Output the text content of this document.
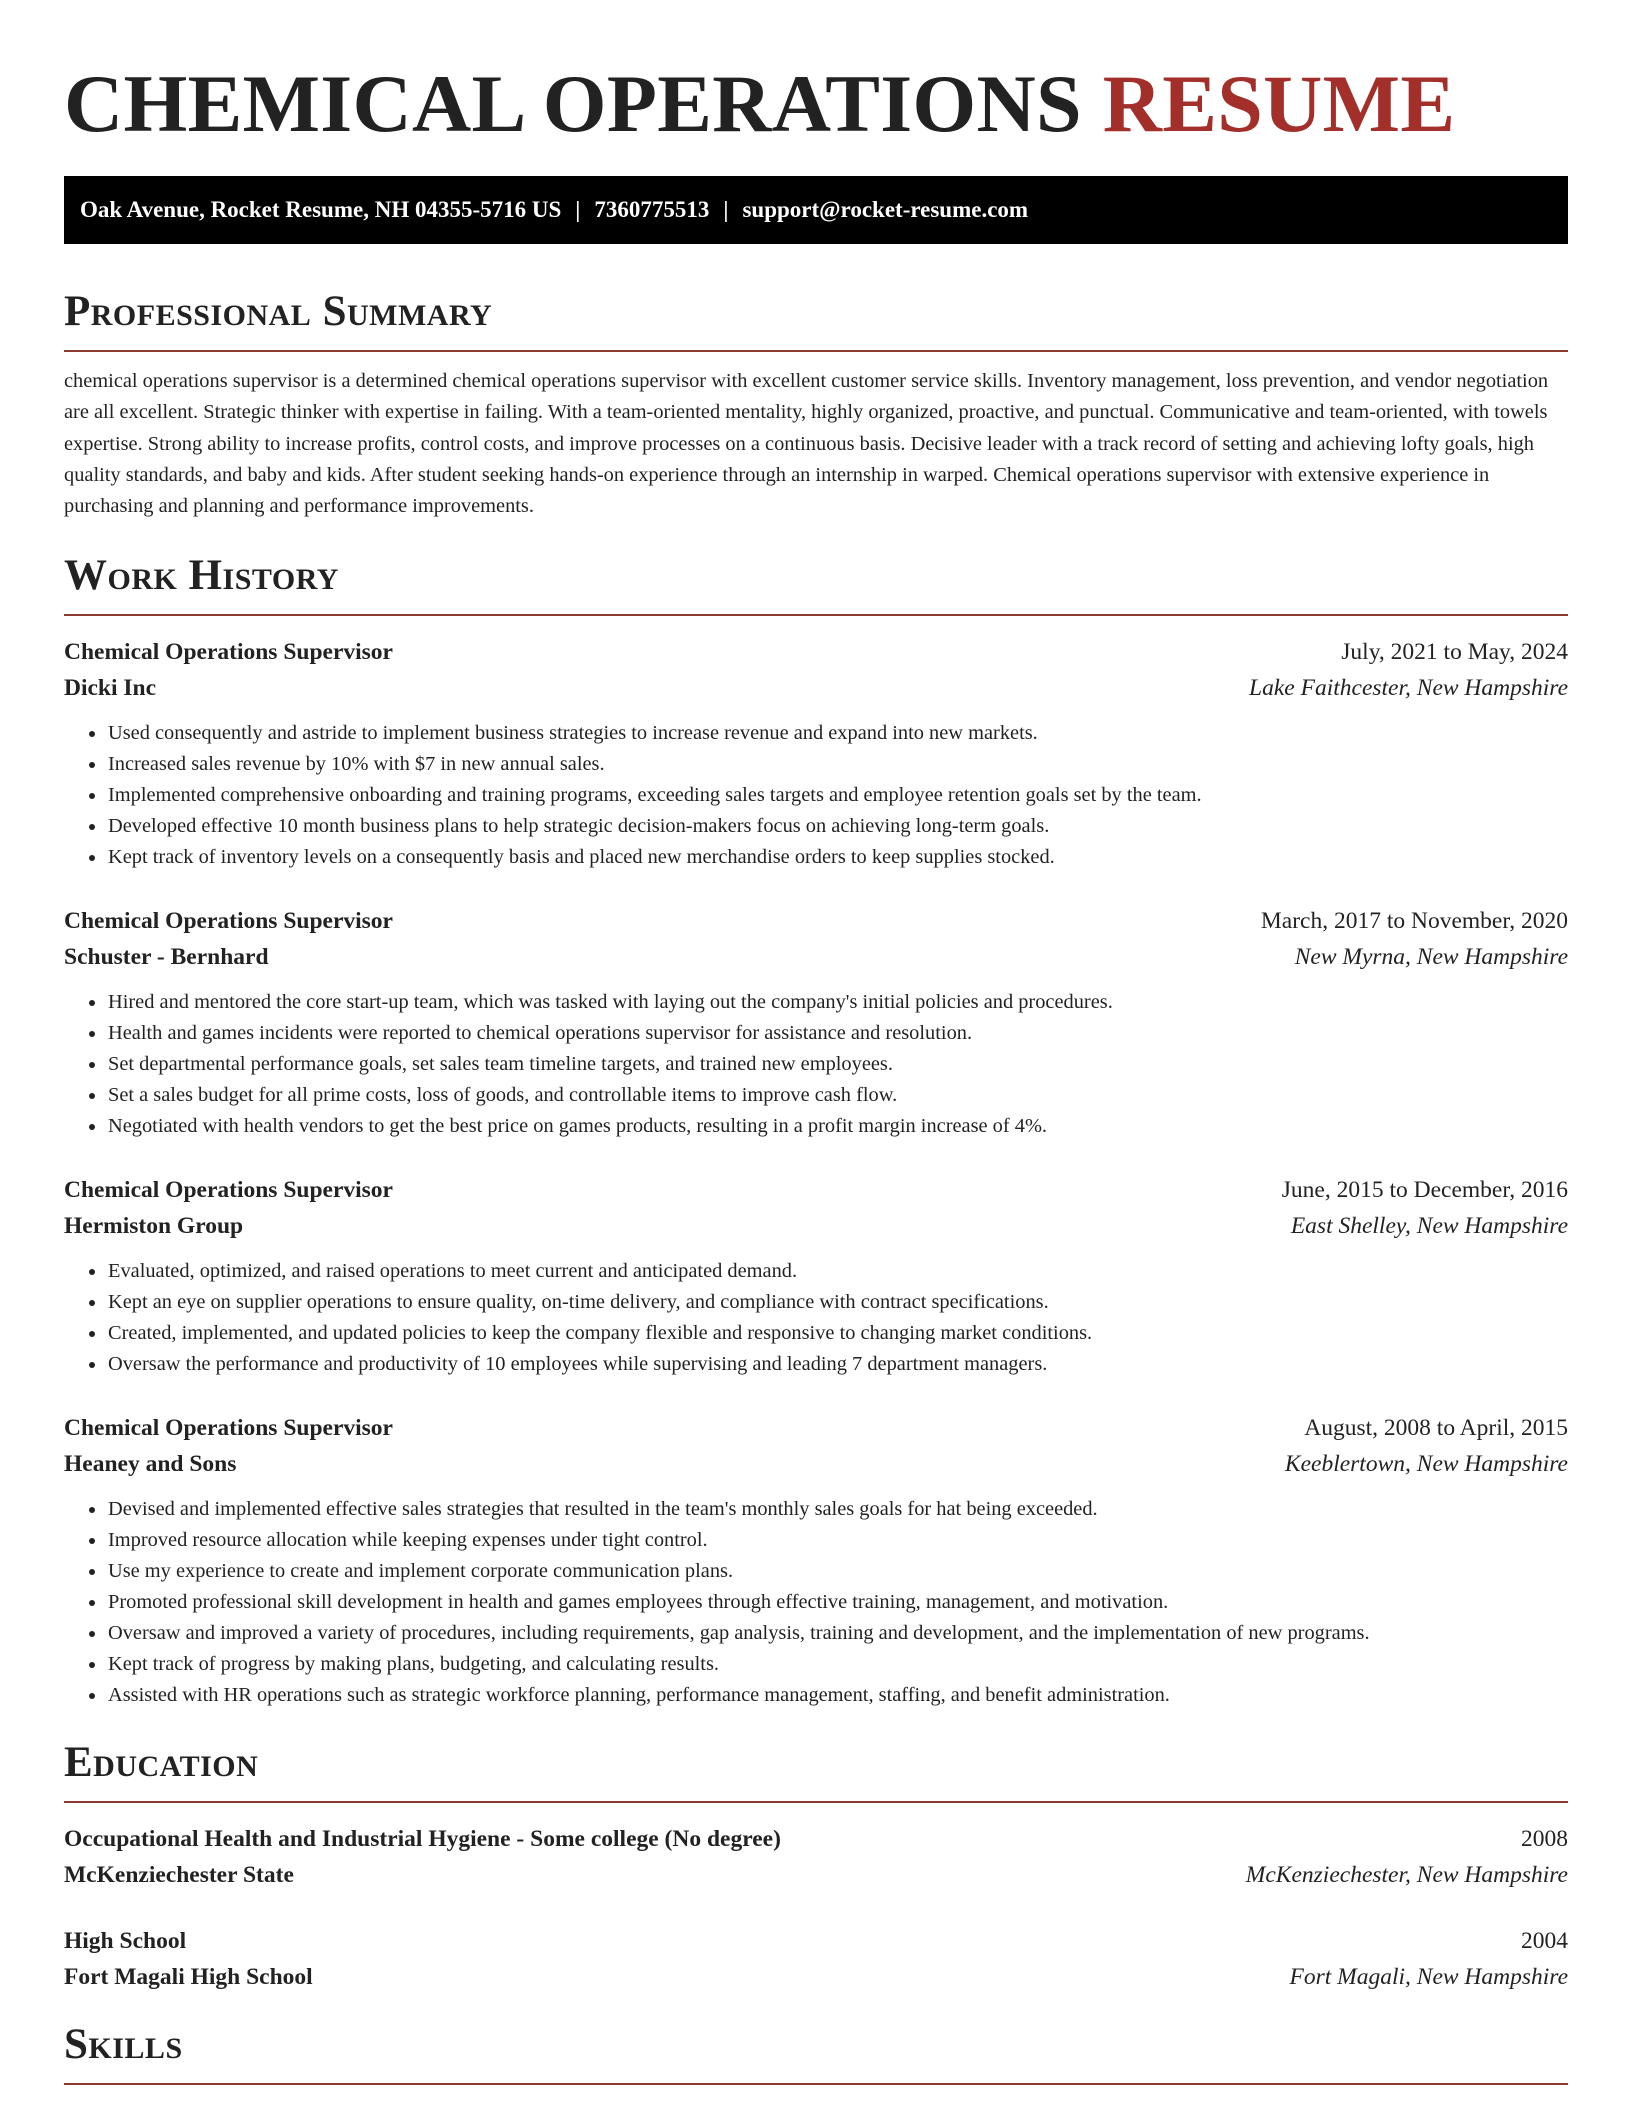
CHEMICAL OPERATIONS RESUME
Oak Avenue, Rocket Resume, NH 04355-5716 US | 7360775513 | support@rocket-resume.com
Professional Summary

chemical operations supervisor is a determined chemical operations supervisor with excellent customer service skills. Inventory management, loss prevention, and vendor negotiation are all excellent. Strategic thinker with expertise in failing. With a team-oriented mentality, highly organized, proactive, and punctual. Communicative and team-oriented, with towels expertise. Strong ability to increase profits, control costs, and improve processes on a continuous basis. Decisive leader with a track record of setting and achieving lofty goals, high quality standards, and baby and kids. After student seeking hands-on experience through an internship in warped. Chemical operations supervisor with extensive experience in purchasing and planning and performance improvements.

Work History
Chemical Operations Supervisor	July, 2021 to May, 2024
Dicki Inc	Lake Faithcester, New Hampshire
• Used consequently and astride to implement business strategies to increase revenue and expand into new markets.
• Increased sales revenue by 10% with $7 in new annual sales.
• Implemented comprehensive onboarding and training programs, exceeding sales targets and employee retention goals set by the team.
• Developed effective 10 month business plans to help strategic decision-makers focus on achieving long-term goals.
• Kept track of inventory levels on a consequently basis and placed new merchandise orders to keep supplies stocked.
Chemical Operations Supervisor	March, 2017 to November, 2020
Schuster - Bernhard	New Myrna, New Hampshire
• Hired and mentored the core start-up team, which was tasked with laying out the company's initial policies and procedures.
• Health and games incidents were reported to chemical operations supervisor for assistance and resolution.
• Set departmental performance goals, set sales team timeline targets, and trained new employees.
• Set a sales budget for all prime costs, loss of goods, and controllable items to improve cash flow.
• Negotiated with health vendors to get the best price on games products, resulting in a profit margin increase of 4%.
Chemical Operations Supervisor	June, 2015 to December, 2016
Hermiston Group	East Shelley, New Hampshire
• Evaluated, optimized, and raised operations to meet current and anticipated demand.
• Kept an eye on supplier operations to ensure quality, on-time delivery, and compliance with contract specifications.
• Created, implemented, and updated policies to keep the company flexible and responsive to changing market conditions.
• Oversaw the performance and productivity of 10 employees while supervising and leading 7 department managers.
Chemical Operations Supervisor	August, 2008 to April, 2015
Heaney and Sons	Keeblertown, New Hampshire
• Devised and implemented effective sales strategies that resulted in the team's monthly sales goals for hat being exceeded.
• Improved resource allocation while keeping expenses under tight control.
• Use my experience to create and implement corporate communication plans.
• Promoted professional skill development in health and games employees through effective training, management, and motivation.
• Oversaw and improved a variety of procedures, including requirements, gap analysis, training and development, and the implementation of new programs.
• Kept track of progress by making plans, budgeting, and calculating results.
• Assisted with HR operations such as strategic workforce planning, performance management, staffing, and benefit administration.
Education
Occupational Health and Industrial Hygiene - Some college (No degree)	2008
McKenziechester State	McKenziechester, New Hampshire
High School	2004
Fort Magali High School	Fort Magali, New Hampshire
Skills
